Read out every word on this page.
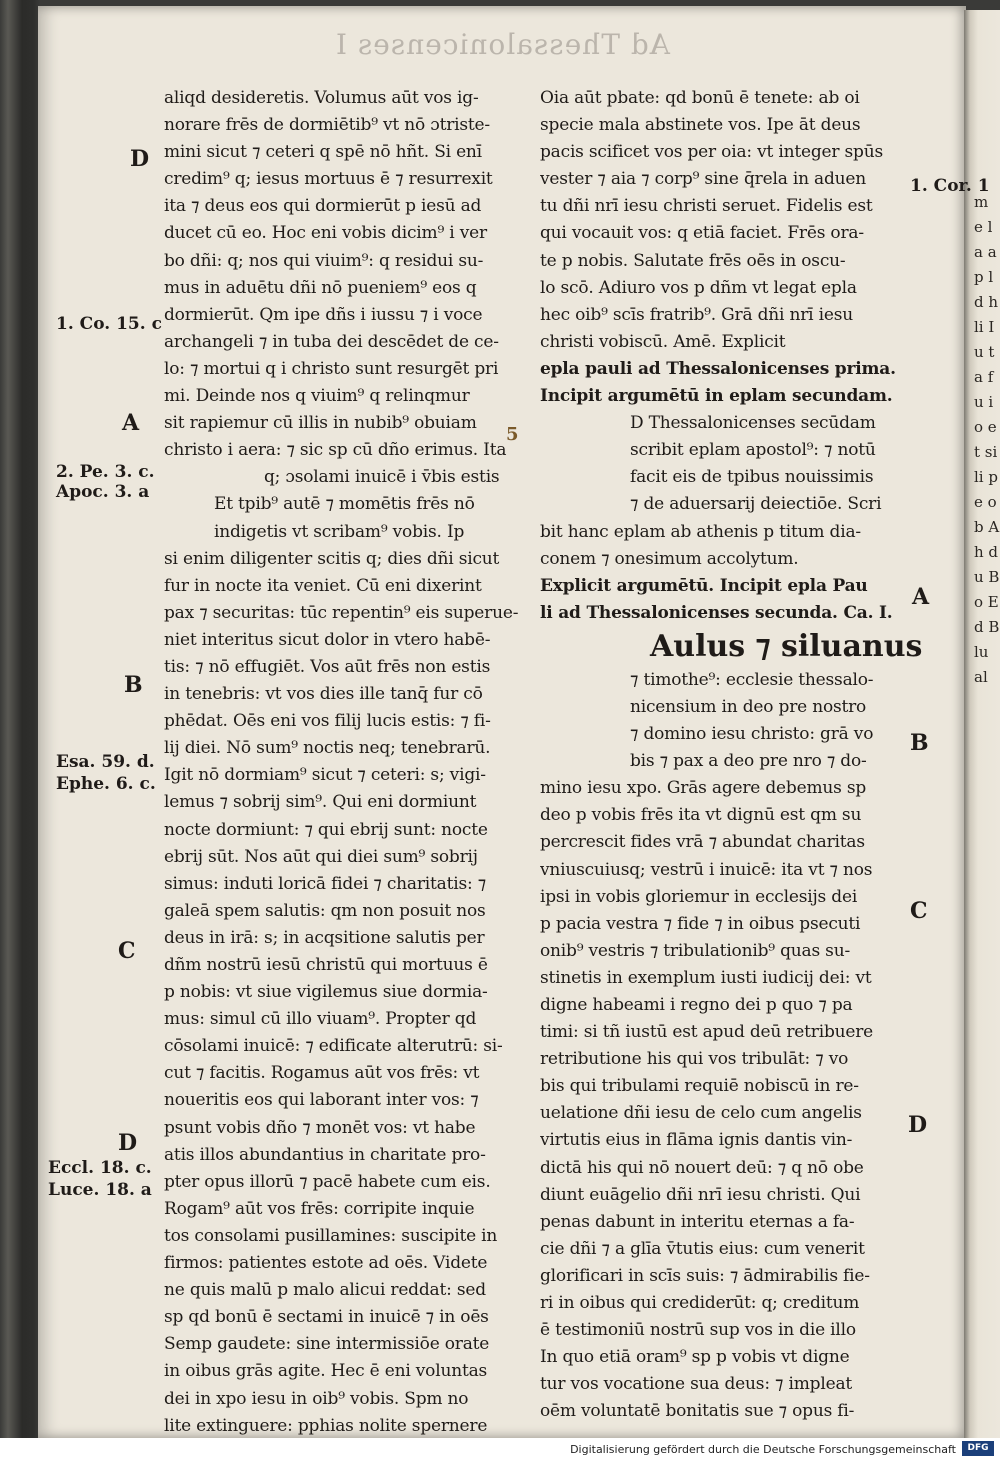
m e la ap l d h li Iu ta fu io et si li pe ob Ah du Bo E d B lu al
Ad Thessalonicenses I
aliqd desideretis. Volumus aūt vos ig-
norare frēs de dormiētib⁹ vt nō ɔtriste-
mini sicut ⁊ ceteri q spē nō hñt. Si enī
credim⁹ q; iesus mortuus ē ⁊ resurrexit
ita ⁊ deus eos qui dormierūt p iesū ad
ducet cū eo. Hoc eni vobis dicim⁹ i ver
bo dñi: q; nos qui viuim⁹: q residui su-
mus in aduētu dñi nō pueniem⁹ eos q
dormierūt. Qm ipe dñs i iussu ⁊ i voce
archangeli ⁊ in tuba dei descēdet de ce-
lo: ⁊ mortui q i christo sunt resurgēt pri
mi. Deinde nos q viuim⁹ q relinqmur
sit rapiemur cū illis in nubib⁹ obuiam
christo i aera: ⁊ sic sp cū dño erimus. Ita
q; ɔsolami inuicē i v̄bis estis
Et tpib⁹ autē ⁊ momētis frēs nō
indigetis vt scribam⁹ vobis. Ip
si enim diligenter scitis q; dies dñi sicut
fur in nocte ita veniet. Cū eni dixerint
pax ⁊ securitas: tūc repentin⁹ eis superue-
niet interitus sicut dolor in vtero habē-
tis: ⁊ nō effugiēt. Vos aūt frēs non estis
in tenebris: vt vos dies ille tanq̄ fur cō
phēdat. Oēs eni vos filij lucis estis: ⁊ fi-
lij diei. Nō sum⁹ noctis neq; tenebrarū.
Igit nō dormiam⁹ sicut ⁊ ceteri: s; vigi-
lemus ⁊ sobrij sim⁹. Qui eni dormiunt
nocte dormiunt: ⁊ qui ebrij sunt: nocte
ebrij sūt. Nos aūt qui diei sum⁹ sobrij
simus: induti loricā fidei ⁊ charitatis: ⁊
galeā spem salutis: qm non posuit nos
deus in irā: s; in acqsitione salutis per
dñm nostrū iesū christū qui mortuus ē
p nobis: vt siue vigilemus siue dormia-
mus: simul cū illo viuam⁹. Propter qd
cōsolami inuicē: ⁊ edificate alterutrū: si-
cut ⁊ facitis. Rogamus aūt vos frēs: vt
noueritis eos qui laborant inter vos: ⁊
psunt vobis dño ⁊ monēt vos: vt habe
atis illos abundantius in charitate pro-
pter opus illorū ⁊ pacē habete cum eis.
Rogam⁹ aūt vos frēs: corripite inquie
tos consolami pusillamines: suscipite in
firmos: patientes estote ad oēs. Videte
ne quis malū p malo alicui reddat: sed
sp qd bonū ē sectami in inuicē ⁊ in oēs
Semp gaudete: sine intermissiōe orate
in oibus grās agite. Hec ē eni voluntas
dei in xpo iesu in oib⁹ vobis. Spm no
lite extinguere: pphias nolite spernere
Oia aūt pbate: qd bonū ē tenete: ab oi
specie mala abstinete vos. Ipe āt deus
pacis scificet vos per oia: vt integer spūs
vester ⁊ aia ⁊ corp⁹ sine q̄rela in aduen
tu dñi nrī iesu christi seruet. Fidelis est
qui vocauit vos: q etiā faciet. Frēs ora-
te p nobis. Salutate frēs oēs in oscu-
lo scō. Adiuro vos p dñm vt legat epla
hec oib⁹ scīs fratrib⁹. Grā dñi nrī iesu
christi vobiscū. Amē. Explicit
epla pauli ad Thessalonicenses prima.
Incipit argumētū in eplam secundam.
D Thessalonicenses secūdam
scribit eplam apostol⁹: ⁊ notū
facit eis de tpibus nouissimis
⁊ de aduersarij deiectiōe. Scri
bit hanc eplam ab athenis p titum dia-
conem ⁊ onesimum accolytum.
Explicit argumētū. Incipit epla Pau
li ad Thessalonicenses secunda. Ca. I.
Aulus ⁊ siluanus
⁊ timothe⁹: ecclesie thessalo-
nicensium in deo pre nostro
⁊ domino iesu christo: grā vo
bis ⁊ pax a deo pre nro ⁊ do-
mino iesu xpo. Grās agere debemus sp
deo p vobis frēs ita vt dignū est qm su
percrescit fides vrā ⁊ abundat charitas
vniuscuiusq; vestrū i inuicē: ita vt ⁊ nos
ipsi in vobis gloriemur in ecclesijs dei
p pacia vestra ⁊ fide ⁊ in oibus psecuti
onib⁹ vestris ⁊ tribulationib⁹ quas su-
stinetis in exemplum iusti iudicij dei: vt
digne habeami i regno dei p quo ⁊ pa
timi: si tñ iustū est apud deū retribuere
retributione his qui vos tribulāt: ⁊ vo
bis qui tribulami requiē nobiscū in re-
uelatione dñi iesu de celo cum angelis
virtutis eius in flāma ignis dantis vin-
dictā his qui nō nouert deū: ⁊ q nō obe
diunt euāgelio dñi nrī iesu christi. Qui
penas dabunt in interitu eternas a fa-
cie dñi ⁊ a glīa v̄tutis eius: cum venerit
glorificari in scīs suis: ⁊ ādmirabilis fie-
ri in oibus qui crediderūt: q; creditum
ē testimoniū nostrū sup vos in die illo
In quo etiā oram⁹ sp p vobis vt digne
tur vos vocatione sua deus: ⁊ impleat
oēm voluntatē bonitatis sue ⁊ opus fi-
D
1. Co. 15. c
A
2. Pe. 3. c.
Apoc. 3. a
B
Esa. 59. d.
Ephe. 6. c.
C
D
Eccl. 18. c.
Luce. 18. a
5
1. Cor. 1
A
B
C
D
Digitalisierung gefördert durch die Deutsche Forschungsgemeinschaft	DFG
